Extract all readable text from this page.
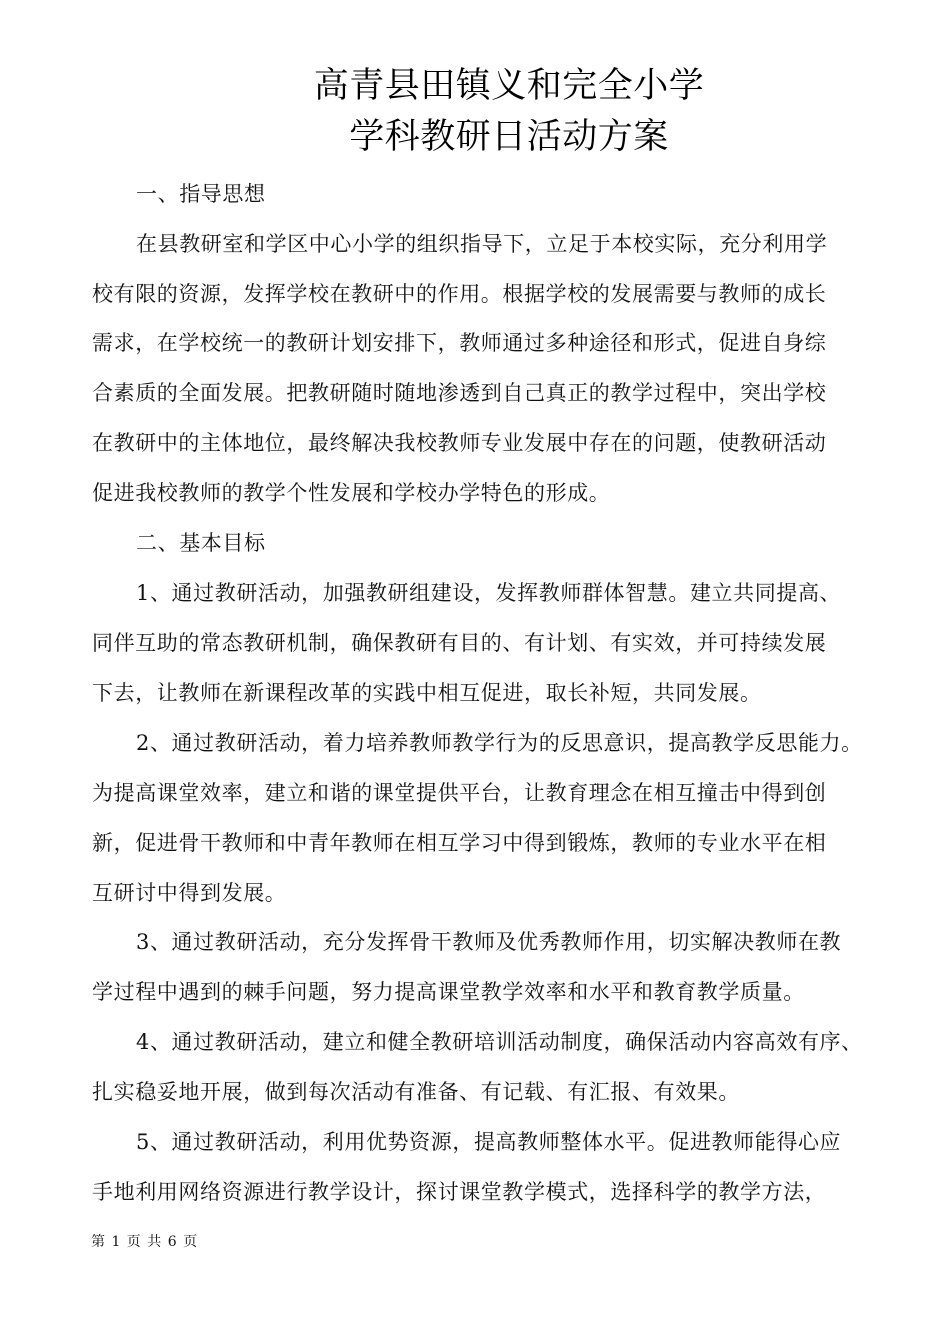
高青县田镇义和完全小学
学科教研日活动方案
一、指导思想
在县教研室和学区中心小学的组织指导下，立足于本校实际，充分利用学
校有限的资源，发挥学校在教研中的作用。根据学校的发展需要与教师的成长
需求，在学校统一的教研计划安排下，教师通过多种途径和形式，促进自身综
合素质的全面发展。把教研随时随地渗透到自己真正的教学过程中，突出学校
在教研中的主体地位，最终解决我校教师专业发展中存在的问题，使教研活动
促进我校教师的教学个性发展和学校办学特色的形成。
二、基本目标
1、通过教研活动，加强教研组建设，发挥教师群体智慧。建立共同提高、
同伴互助的常态教研机制，确保教研有目的、有计划、有实效，并可持续发展
下去，让教师在新课程改革的实践中相互促进，取长补短，共同发展。
2、通过教研活动，着力培养教师教学行为的反思意识，提高教学反思能力。
为提高课堂效率，建立和谐的课堂提供平台，让教育理念在相互撞击中得到创
新，促进骨干教师和中青年教师在相互学习中得到锻炼，教师的专业水平在相
互研讨中得到发展。
3、通过教研活动，充分发挥骨干教师及优秀教师作用，切实解决教师在教
学过程中遇到的棘手问题，努力提高课堂教学效率和水平和教育教学质量。
4、通过教研活动，建立和健全教研培训活动制度，确保活动内容高效有序、
扎实稳妥地开展，做到每次活动有准备、有记载、有汇报、有效果。
5、通过教研活动，利用优势资源，提高教师整体水平。促进教师能得心应
手地利用网络资源进行教学设计，探讨课堂教学模式，选择科学的教学方法，
第 1 页 共 6 页
